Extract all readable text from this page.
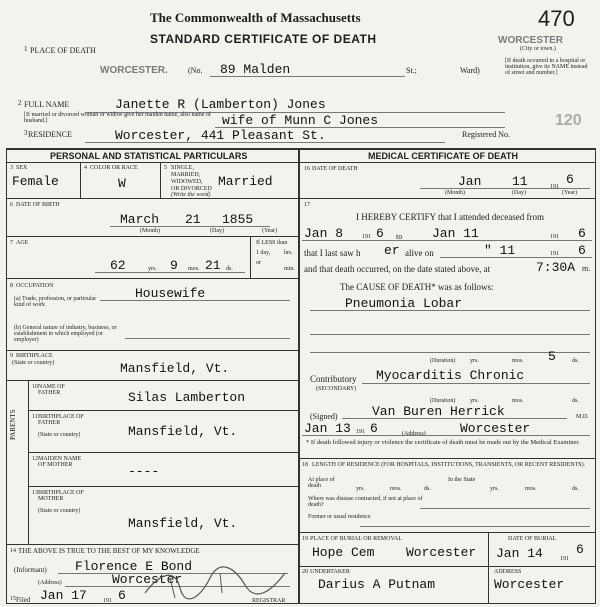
The Commonwealth of Massachusetts
STANDARD CERTIFICATE OF DEATH
470
WORCESTER
(City or town.)
1 PLACE OF DEATH
WORCESTER.	(No. 89 Malden	St.;	Ward)
[If death occurred in a hospital or institution, give its NAME instead of street and number.]
2 FULL NAME	Janette R (Lamberton) Jones
[If married or divorced woman or widow give her maiden name, also name of husband.]	wife of Munn C Jones
3 RESIDENCE	Worcester, 441 Pleasant St.	Registered No.
120
PERSONAL AND STATISTICAL PARTICULARS	MEDICAL CERTIFICATE OF DEATH
3 SEX
Female
4 COLOR OR RACE
W
5 SINGLE,
MARRIED,
WIDOWED,
OR DIVORCED
(Write the word)
Married
6 DATE OF BIRTH
March 21 1855
(Month)	(Day)	(Year)
7 AGE
62	yrs. 9 mos. 21 ds.
If LESS than
1 day, hrs.
or
min.
8 OCCUPATION	Housewife
(a) Trade, profession, or particular kind of work
(b) General nature of industry, business, or establishment in which employed (or employer)
9 BIRTHPLACE
(State or country)	Mansfield, Vt.
PARENTS
10 NAME OF FATHER	Silas Lamberton
11 BIRTHPLACE OF FATHER
(State or country)	Mansfield, Vt.
12 MAIDEN NAME OF MOTHER	----
13 BIRTHPLACE OF MOTHER
(State or country)
Mansfield, Vt.
14 THE ABOVE IS TRUE TO THE BEST OF MY KNOWLEDGE
(Informant) Florence E Bond
(Address)	Worcester
15 Filed Jan 17	191 6	REGISTRAR
16 DATE OF DEATH
Jan 11	191 6
(Month)	(Day)	(Year)
17
I HEREBY CERTIFY that I attended deceased from
Jan 8	191 6 to Jan 11	191 6
that I last saw h er alive on	" 11	191 6
and that death occurred, on the date stated above, at	7:30A m.
The CAUSE OF DEATH* was as follows:
Pneumonia Lobar
(Duration) yrs.	mos. 5	ds.
Contributory Myocarditis Chronic
(SECONDARY)
(Duration) yrs.	mos.	ds.
(Signed)	Van Buren Herrick	M.D.
Jan 13 191 6	(Address)	Worcester
* If death followed injury or violence the certificate of death must be made out by the Medical Examiner.
18 LENGTH OF RESIDENCE (FOR HOSPITALS, INSTITUTIONS, TRANSIENTS, OR RECENT RESIDENTS).
At place of death	yrs.	mos.	ds.
In the State
yrs.	mos.	ds.
Where was disease contracted, if not at place of death?
Former or usual residence
19 PLACE OF BURIAL OR REMOVAL
Hope Cem Worcester
DATE OF BURIAL
Jan 14	191
6
20 UNDERTAKER
Darius A Putnam
ADDRESS
Worcester
